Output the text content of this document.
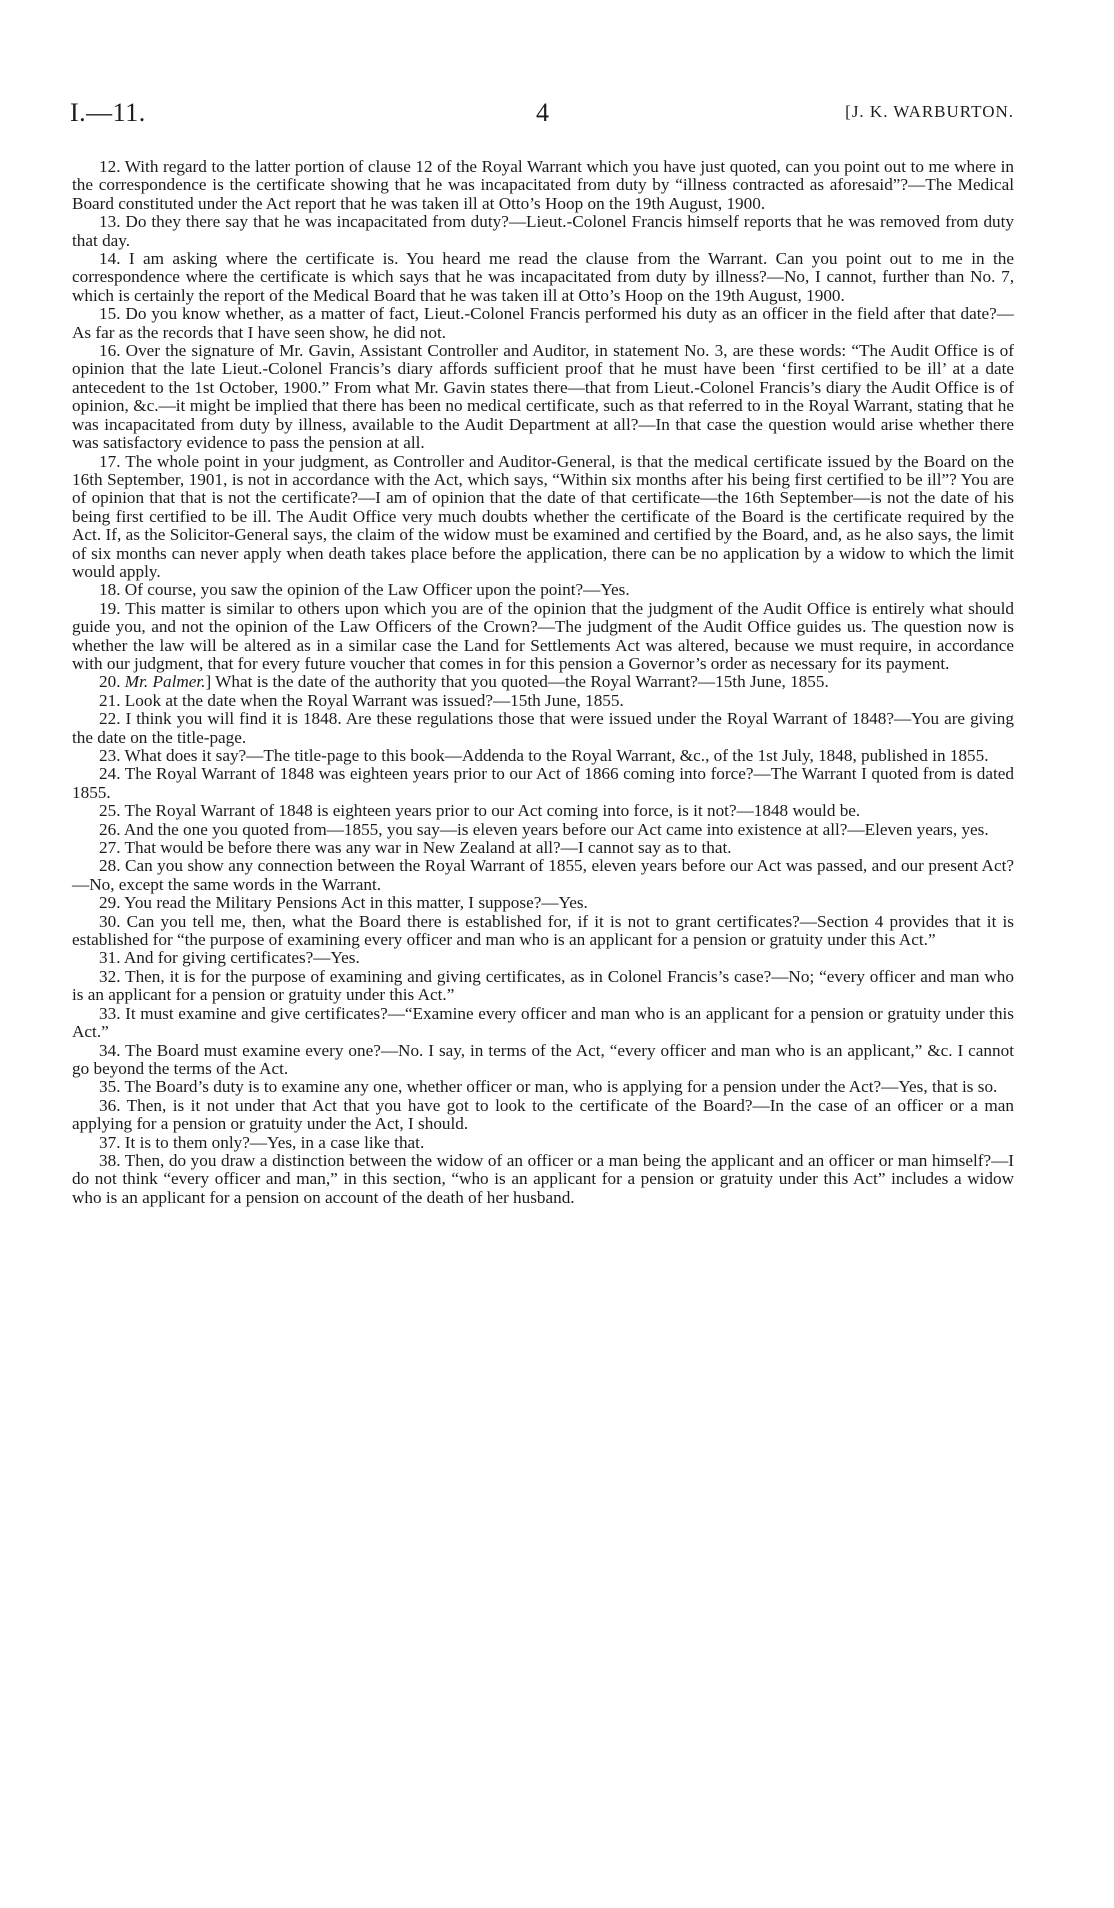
I.—11.	4	[J. K. WARBURTON.

12. With regard to the latter portion of clause 12 of the Royal Warrant which you have just quoted, can you point out to me where in the correspondence is the certificate showing that he was incapacitated from duty by “illness contracted as aforesaid”?—The Medical Board constituted under the Act report that he was taken ill at Otto’s Hoop on the 19th August, 1900.

13. Do they there say that he was incapacitated from duty?—Lieut.-Colonel Francis himself reports that he was removed from duty that day.

14. I am asking where the certificate is. You heard me read the clause from the Warrant. Can you point out to me in the correspondence where the certificate is which says that he was incapacitated from duty by illness?—No, I cannot, further than No. 7, which is certainly the report of the Medical Board that he was taken ill at Otto’s Hoop on the 19th August, 1900.

15. Do you know whether, as a matter of fact, Lieut.-Colonel Francis performed his duty as an officer in the field after that date?—As far as the records that I have seen show, he did not.

16. Over the signature of Mr. Gavin, Assistant Controller and Auditor, in statement No. 3, are these words: “The Audit Office is of opinion that the late Lieut.-Colonel Francis’s diary affords sufficient proof that he must have been ‘first certified to be ill’ at a date antecedent to the 1st October, 1900.” From what Mr. Gavin states there—that from Lieut.-Colonel Francis’s diary the Audit Office is of opinion, &c.—it might be implied that there has been no medical certificate, such as that referred to in the Royal Warrant, stating that he was incapacitated from duty by illness, available to the Audit Department at all?—In that case the question would arise whether there was satisfactory evidence to pass the pension at all.

17. The whole point in your judgment, as Controller and Auditor-General, is that the medical certificate issued by the Board on the 16th September, 1901, is not in accordance with the Act, which says, “Within six months after his being first certified to be ill”? You are of opinion that that is not the certificate?—I am of opinion that the date of that certificate—the 16th September—is not the date of his being first certified to be ill. The Audit Office very much doubts whether the certificate of the Board is the certificate required by the Act. If, as the Solicitor-General says, the claim of the widow must be examined and certified by the Board, and, as he also says, the limit of six months can never apply when death takes place before the application, there can be no application by a widow to which the limit would apply.

18. Of course, you saw the opinion of the Law Officer upon the point?—Yes.

19. This matter is similar to others upon which you are of the opinion that the judgment of the Audit Office is entirely what should guide you, and not the opinion of the Law Officers of the Crown?—The judgment of the Audit Office guides us. The question now is whether the law will be altered as in a similar case the Land for Settlements Act was altered, because we must require, in accordance with our judgment, that for every future voucher that comes in for this pension a Governor’s order as necessary for its payment.

20. Mr. Palmer.] What is the date of the authority that you quoted—the Royal Warrant?—15th June, 1855.

21. Look at the date when the Royal Warrant was issued?—15th June, 1855.

22. I think you will find it is 1848. Are these regulations those that were issued under the Royal Warrant of 1848?—You are giving the date on the title-page.

23. What does it say?—The title-page to this book—Addenda to the Royal Warrant, &c., of the 1st July, 1848, published in 1855.

24. The Royal Warrant of 1848 was eighteen years prior to our Act of 1866 coming into force?—The Warrant I quoted from is dated 1855.

25. The Royal Warrant of 1848 is eighteen years prior to our Act coming into force, is it not?—1848 would be.

26. And the one you quoted from—1855, you say—is eleven years before our Act came into existence at all?—Eleven years, yes.

27. That would be before there was any war in New Zealand at all?—I cannot say as to that.

28. Can you show any connection between the Royal Warrant of 1855, eleven years before our Act was passed, and our present Act?—No, except the same words in the Warrant.

29. You read the Military Pensions Act in this matter, I suppose?—Yes.

30. Can you tell me, then, what the Board there is established for, if it is not to grant certificates?—Section 4 provides that it is established for “the purpose of examining every officer and man who is an applicant for a pension or gratuity under this Act.”

31. And for giving certificates?—Yes.

32. Then, it is for the purpose of examining and giving certificates, as in Colonel Francis’s case?—No; “every officer and man who is an applicant for a pension or gratuity under this Act.”

33. It must examine and give certificates?—“Examine every officer and man who is an applicant for a pension or gratuity under this Act.”

34. The Board must examine every one?—No. I say, in terms of the Act, “every officer and man who is an applicant,” &c. I cannot go beyond the terms of the Act.

35. The Board’s duty is to examine any one, whether officer or man, who is applying for a pension under the Act?—Yes, that is so.

36. Then, is it not under that Act that you have got to look to the certificate of the Board?—In the case of an officer or a man applying for a pension or gratuity under the Act, I should.

37. It is to them only?—Yes, in a case like that.

38. Then, do you draw a distinction between the widow of an officer or a man being the applicant and an officer or man himself?—I do not think “every officer and man,” in this section, “who is an applicant for a pension or gratuity under this Act” includes a widow who is an applicant for a pension on account of the death of her husband.
